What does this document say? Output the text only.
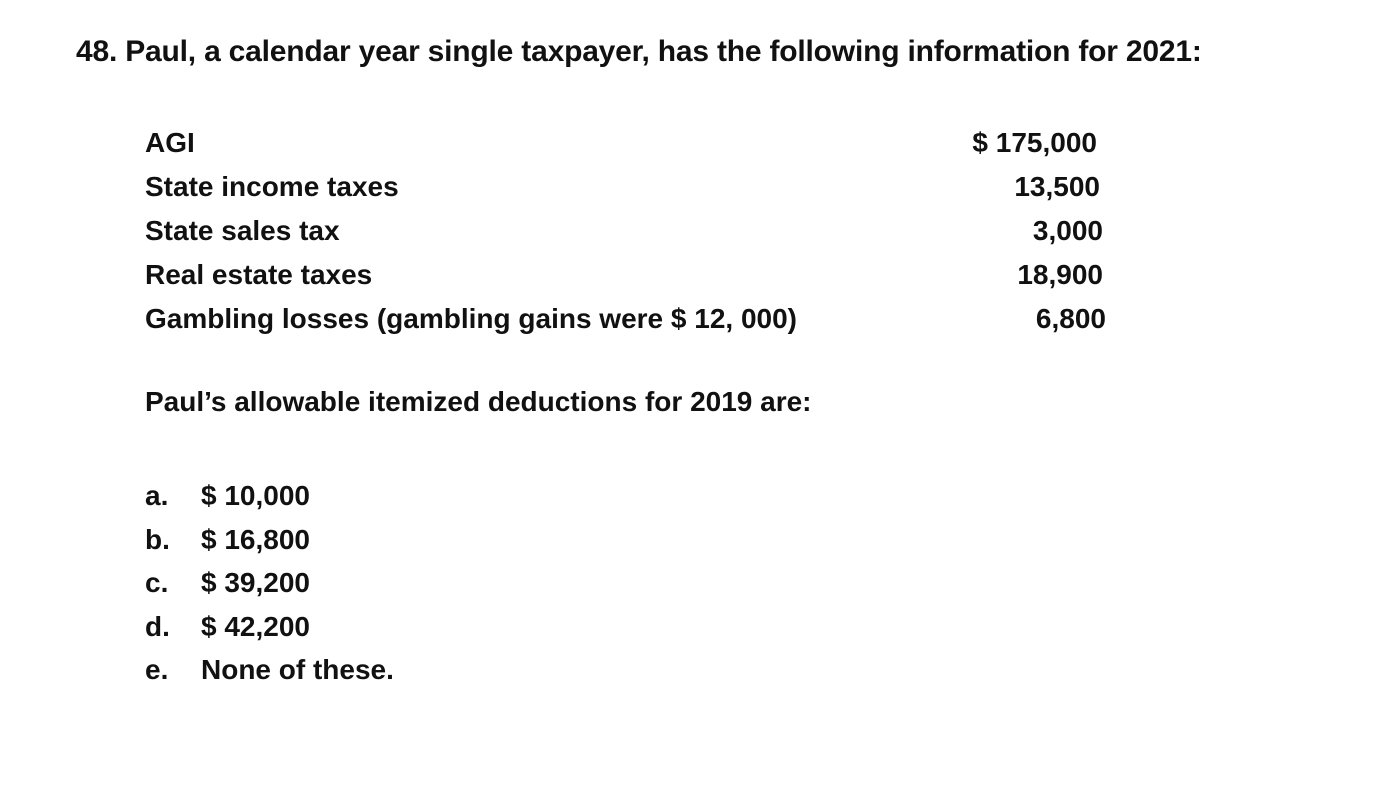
48. Paul, a calendar year single taxpayer, has the following information for 2021:
AGI	$ 175,000
State income taxes	13,500
State sales tax	3,000
Real estate taxes	18,900
Gambling losses (gambling gains were $ 12, 000)	6,800
Paul’s allowable itemized deductions for 2019 are:
a. $ 10,000
b. $ 16,800
c. $ 39,200
d. $ 42,200
e. None of these.
